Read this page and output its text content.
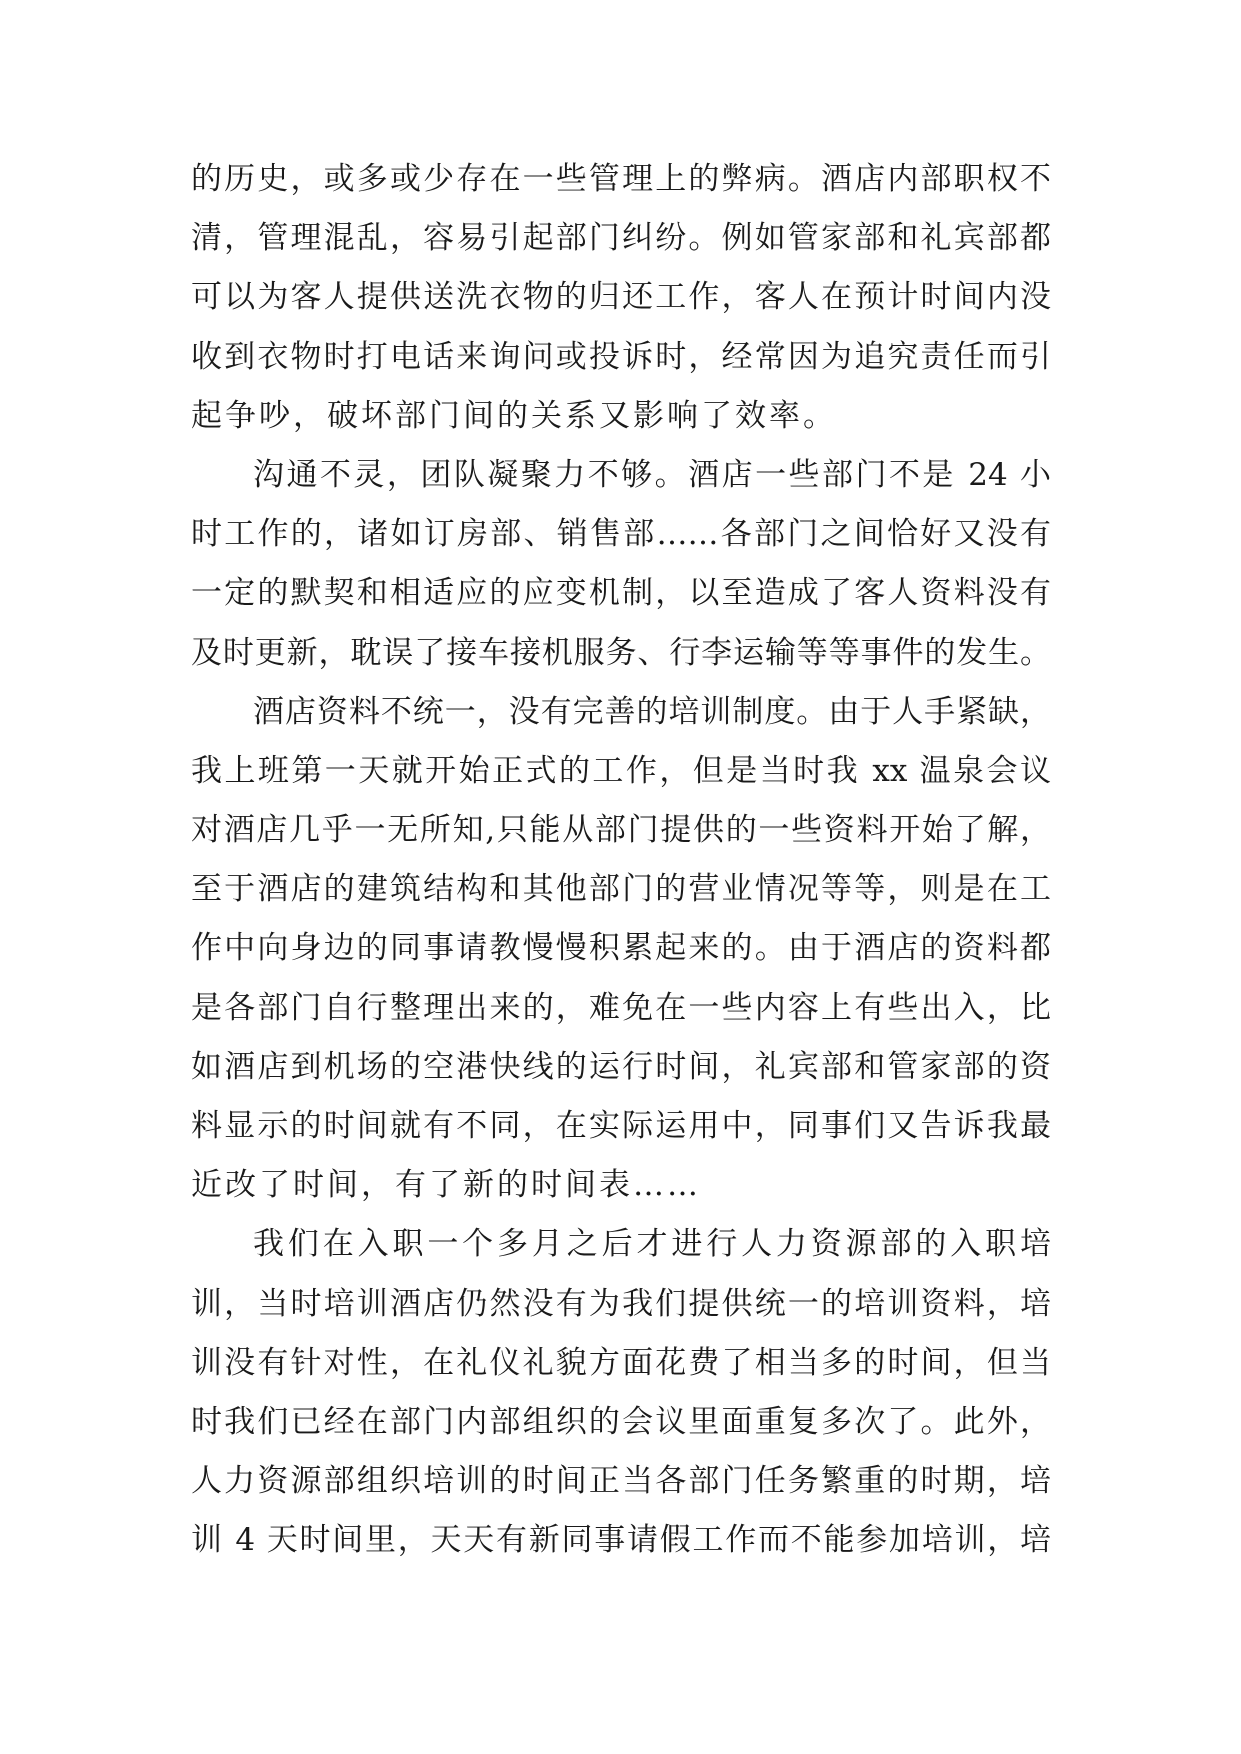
的历史，或多或少存在一些管理上的弊病。酒店内部职权不
清，管理混乱，容易引起部门纠纷。例如管家部和礼宾部都
可以为客人提供送洗衣物的归还工作，客人在预计时间内没
收到衣物时打电话来询问或投诉时，经常因为追究责任而引
起争吵，破坏部门间的关系又影响了效率。
沟通不灵，团队凝聚力不够。酒店一些部门不是 24 小
时工作的，诸如订房部、销售部……各部门之间恰好又没有
一定的默契和相适应的应变机制，以至造成了客人资料没有
及时更新，耽误了接车接机服务、行李运输等等事件的发生。
酒店资料不统一，没有完善的培训制度。由于人手紧缺，
我上班第一天就开始正式的工作，但是当时我 xx 温泉会议
对酒店几乎一无所知,只能从部门提供的一些资料开始了解，
至于酒店的建筑结构和其他部门的营业情况等等，则是在工
作中向身边的同事请教慢慢积累起来的。由于酒店的资料都
是各部门自行整理出来的，难免在一些内容上有些出入，比
如酒店到机场的空港快线的运行时间，礼宾部和管家部的资
料显示的时间就有不同，在实际运用中，同事们又告诉我最
近改了时间，有了新的时间表……
我们在入职一个多月之后才进行人力资源部的入职培
训，当时培训酒店仍然没有为我们提供统一的培训资料，培
训没有针对性，在礼仪礼貌方面花费了相当多的时间，但当
时我们已经在部门内部组织的会议里面重复多次了。此外，
人力资源部组织培训的时间正当各部门任务繁重的时期，培
训 4 天时间里，天天有新同事请假工作而不能参加培训，培
